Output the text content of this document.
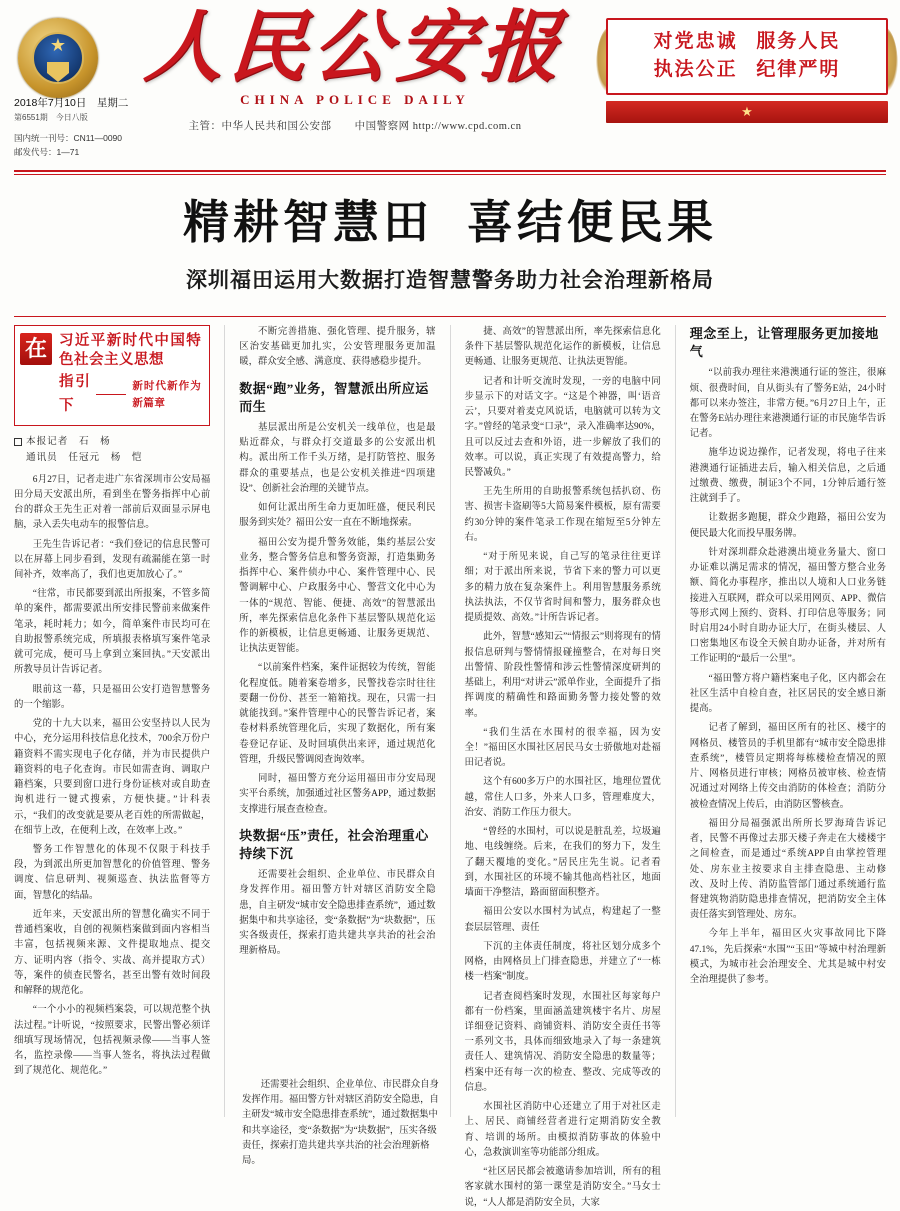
★ 人民公安报
CHINA POLICE DAILY
主管：中华人民共和国公安部 中国警察网 http://www.cpd.com.cn
对党忠诚 服务人民
执法公正 纪律严明
★
2018年7月10日　星期二
第6551期　今日八版
国内统一刊号：CN11—0090
邮发代号：1—71
精耕智慧田 喜结便民果
深圳福田运用大数据打造智慧警务助力社会治理新格局
在 习近平新时代中国特色社会主义思想
指引下
新时代新作为新篇章
本报记者　石　杨
通讯员　任冠元　杨　恺

6月27日，记者走进广东省深圳市公安局福田分局天安派出所，看到坐在警务指挥中心前台的群众王先生正对着一部前后双面显示屏电脑，录入丢失电动车的报警信息。

王先生告诉记者：“我们登记的信息民警可以在屏幕上同步看到，发现有疏漏能在第一时间补齐，效率高了，我们也更加放心了。”

“往常，市民都要到派出所报案，不管多简单的案件，都需要派出所安排民警前来做案件笔录，耗时耗力；如今，简单案件市民均可在自助报警系统完成，所填报表格填写案件笔录就可完成，便可马上拿到立案回执。”天安派出所教导员计告诉记者。

眼前这一幕，只是福田公安打造智慧警务的一个缩影。

党的十九大以来，福田公安坚持以人民为中心，充分运用科技信息化技术，700余万份户籍资料不需实现电子化存储，并为市民提供户籍资料的电子化查询。市民如需查询、调取户籍档案，只要到窗口进行身份证核对或自助查询机进行一键式搜索，方便快捷。”计科表示，“我们的改变就是要从老百姓的所需做起，在细节上改，在便利上改，在效率上改。”

警务工作智慧化的体现不仅限于科技手段，为到派出所更加智慧化的价值管理、警务调度、信息研判、视频巡查、执法监督等方面，智慧化的结晶。

近年来，天安派出所的智慧化确实不同于普通档案收，自创的视频档案做到面内容相当丰富，包括视频来源、文件提取地点、提交方、证明内容（指令、实战、高并提取方式）等，案件的侦查民警名，甚至出警有效时间段和解释的规范化。

“一个小小的视频档案袋，可以规范整个执法过程。”计听说，“按照要求，民警出警必须详细填写现场情况，包括视频录像——当事人签名，监控录像——当事人签名，将执法过程做到了规范化、规范化。”

不断完善措施、强化管理、提升服务，辖区治安基础更加扎实，公安管理服务更加温暖，群众安全感、满意度、获得感稳步提升。

数据“跑”业务，智慧派出所应运而生

基层派出所是公安机关一线单位，也是最贴近群众，与群众打交道最多的公安派出机构。派出所工作千头万绪，是打防管控、服务群众的重要基点，也是公安机关推进“四项建设”、创新社会治理的关键节点。

如何让派出所生命力更加旺盛，便民利民服务到实处？福田公安一直在不断地探索。

福田公安为提升警务效能，集约基层公安业务，整合警务信息和警务资源，打造集勤务指挥中心、案件侦办中心、案件管理中心、民警调解中心、户政服务中心、警营文化中心为一体的“规范、智能、便捷、高效”的智慧派出所，率先探索信息化条件下基层警队规范化运作的新模板，让信息更畅通、让服务更规范、让执法更智能。

“以前案件档案，案件证据较为传统，智能化程度低。随着案卷增多，民警找卷宗时往往要翻一份份、甚至一箱箱找。现在，只需一扫就能找到。”案件管理中心的民警告诉记者，案卷材料系统管理化后，实现了数据化，所有案卷登记存证、及时回填供出来评，通过规范化管理，升级民警调阅查询效率。

同时，福田警方充分运用福田市分安局现实平台系统，加强通过社区警务APP，通过数据支撑进行展查查检查。

块数据“压”责任，社会治理重心持续下沉

还需要社会组织、企业单位、市民群众自身发挥作用。福田警方针对辖区消防安全隐患，自主研发“城市安全隐患排查系统”，通过数据集中和共享途径，变“条数据”为“块数据”，压实各级责任，探索打造共建共享共治的社会治理新格局。

捷、高效”的智慧派出所，率先探索信息化条件下基层警队规范化运作的新模板，让信息更畅通、让服务更规范、让执法更智能。

记者和计听交流时发现，一旁的电脑中同步显示下的对话文字。“这是个神器，叫‘语音云’，只要对着麦克风说话，电脑就可以转为文字。”曾经的笔录变“口录”，录入准确率达90%，且可以反过去查和外语，进一步解放了我们的效率。可以说，真正实现了有效提高警力，给民警减负。”

王先生所用的自助报警系统包括扒窃、伤害、损害卡盗刷等5大简易案件模板，原有需要约30分钟的案件笔录工作现在缩短至5分钟左右。

“对于所见来说，自己写的笔录往往更详细；对于派出所来说，节省下来的警力可以更多的精力放在复杂案件上。利用智慧服务系统执法执法，不仅节省时间和警力，服务群众也提质提效、高效。”计所告诉记者。

此外，智慧“感知云”“情报云”则将现有的情报信息研判与警情情报碰撞整合，在对每日突出警情、阶段性警情和涉云性警情深度研判的基础上，利用“对讲云”派单作业，全面提升了指挥调度的精确性和路面勤务警力接处警的效率。

“我们生活在水围村的很幸福，因为安全！”福田区水围社区居民马女士骄傲地对赴福田记者说。

这个有600多万户的水围社区，地理位置优越，常住人口多，外来人口多，管理难度大，治安、消防工作压力很大。

“曾经的水围村，可以说是脏乱差，垃圾遍地、电线缠绕。后来，在我们的努力下，发生了翻天覆地的变化。”居民庄先生说。记者看到，水围社区的环境不输其他高档社区，地面墙面干净整洁，路面留面积整齐。

福田公安以水围村为试点，构建起了一整套层层管理、责任

下沉的主体责任制度，将社区划分成多个网格，由网格员上门排查隐患，并建立了“一栋楼一档案”制度。

记者查阅档案时发现，水围社区每家每户都有一份档案，里面涵盖建筑楼宇名片、房屋详细登记资料、商铺资料、消防安全责任书等一系列文书，具体而细致地录入了每一条建筑责任人、建筑情况、消防安全隐患的数量等；档案中还有每一次的检查、整改、完成等改的信息。

水围社区消防中心还建立了用于对社区走上、居民、商铺经营者进行定期消防安全教育、培训的场所。由模拟消防事故的体验中心，急救演训室等功能部分组成。

“社区居民都会被邀请参加培训，所有的租客家就水围村的第一课堂是消防安全。”马女士说，“人人都是消防安全员，大家

理念至上，让管理服务更加接地气

“以前我办理往来港澳通行证的签注，很麻烦、很费时间，自从街头有了警务E站，24小时都可以来办签注，非常方便。”6月27日上午，正在警务E站办理往来港澳通行证的市民施华告诉记者。

施华边说边操作，记者发现，将电子往来港澳通行证插进去后，输入相关信息，之后通过缴费、缴费，制证3个不同，1分钟后通行签注就到手了。

让数据多跑腿，群众少跑路，福田公安为便民最大化而投早服务牌。

针对深圳群众赴港澳出境业务量大、窗口办证难以满足需求的情况，福田警方整合业务额、简化办事程序，推出以人境和人口业务链接进入互联网，群众可以采用网页、APP、微信等形式网上预约、资料、打印信息等服务；同时启用24小时自助办证大厅，在街头楼层、人口密集地区布设全天候自助办证备，并对所有工作证明的“最后一公里”。

“福田警方将户籍档案电子化，区内都会在社区生活中自检自查，社区居民的安全感日渐提高。

记者了解到，福田区所有的社区、楼宇的网格员、楼管员的手机里都有“城市安全隐患排查系统”，楼管员定期将每栋楼检查情况的照片、网格员进行审核；网格员被审核、检查情况通过对网络上传交由消防的体检查；消防分被检查情况上传后，由消防区警核查。

福田分局福强派出所所长罗海琦告诉记者，民警不再像过去那天楼子奔走在大楼楼宇之间检查，而是通过“系统APP自由掌控管理处、房东业主按要求自主排查隐患、主动修改、及时上传、消防监管部门通过系统通行监督建筑物消防隐患排查情况，把消防安全主体责任落实到管理处、房东。

今年上半年，福田区火灾事故同比下降47.1%，先后探索“水围”“玉田”等城中村治理新模式，为城市社会治理安全、尤其是城中村安全治理提供了参考。

还需要社会组织、企业单位、市民群众自身发挥作用。福田警方针对辖区消防安全隐患，自主研发“城市安全隐患排查系统”，通过数据集中和共享途径，变“条数据”为“块数据”，压实各级责任，探索打造共建共享共治的社会治理新格局。
